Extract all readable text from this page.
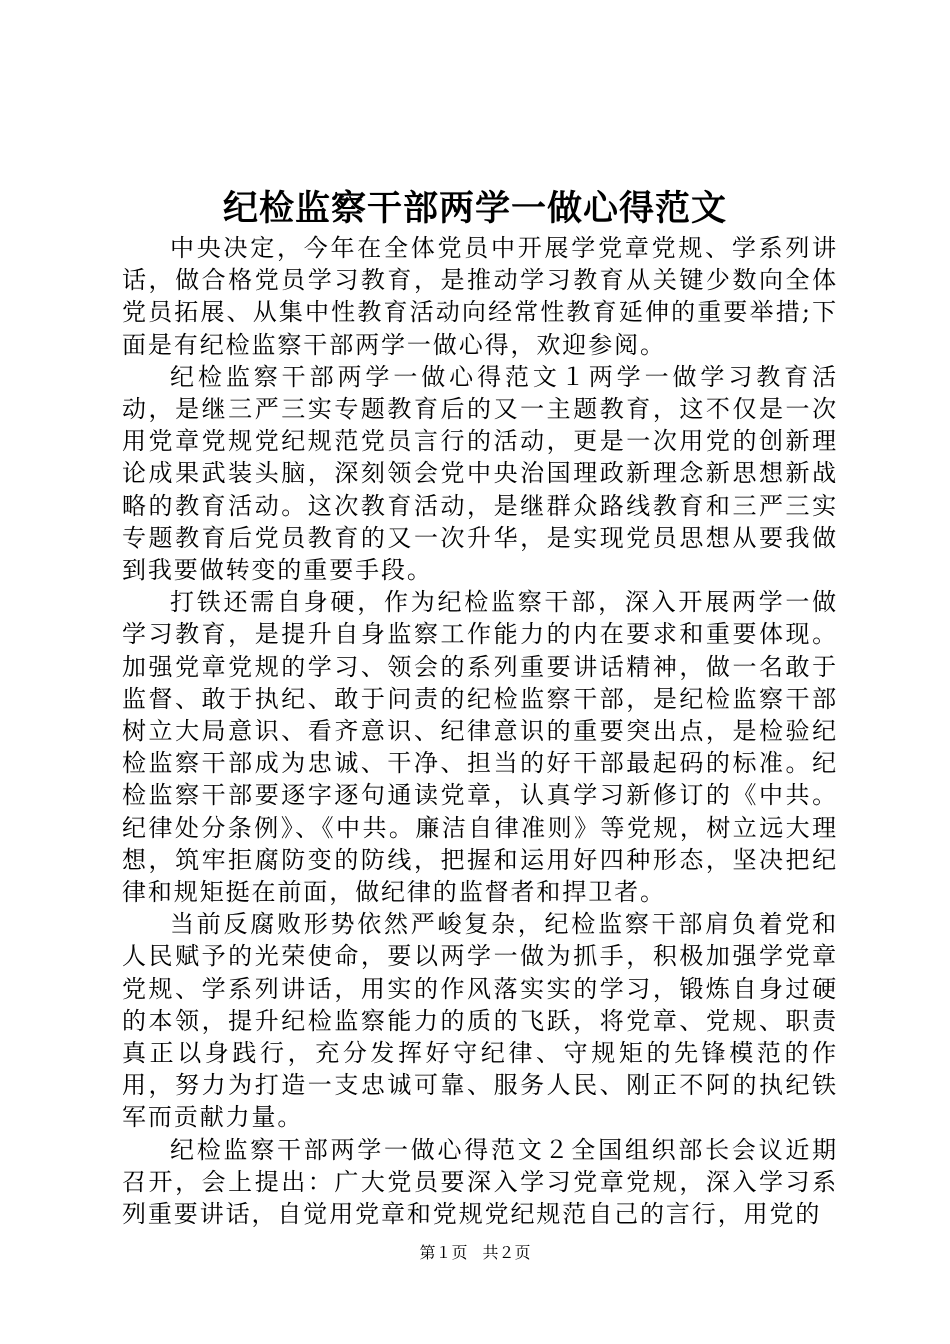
纪检监察干部两学一做心得范文

中央决定，今年在全体党员中开展学党章党规、学系列讲话，做合格党员学习教育，是推动学习教育从关键少数向全体党员拓展、从集中性教育活动向经常性教育延伸的重要举措;下面是有纪检监察干部两学一做心得，欢迎参阅。

纪检监察干部两学一做心得范文１两学一做学习教育活动，是继三严三实专题教育后的又一主题教育，这不仅是一次用党章党规党纪规范党员言行的活动，更是一次用党的创新理论成果武装头脑，深刻领会党中央治国理政新理念新思想新战略的教育活动。这次教育活动，是继群众路线教育和三严三实专题教育后党员教育的又一次升华，是实现党员思想从要我做到我要做转变的重要手段。

打铁还需自身硬，作为纪检监察干部，深入开展两学一做学习教育，是提升自身监察工作能力的内在要求和重要体现。加强党章党规的学习、领会的系列重要讲话精神，做一名敢于监督、敢于执纪、敢于问责的纪检监察干部，是纪检监察干部树立大局意识、看齐意识、纪律意识的重要突出点，是检验纪检监察干部成为忠诚、干净、担当的好干部最起码的标准。纪检监察干部要逐字逐句通读党章，认真学习新修订的《中共。纪律处分条例》、《中共。廉洁自律准则》等党规，树立远大理想，筑牢拒腐防变的防线，把握和运用好四种形态，坚决把纪律和规矩挺在前面，做纪律的监督者和捍卫者。

当前反腐败形势依然严峻复杂，纪检监察干部肩负着党和人民赋予的光荣使命，要以两学一做为抓手，积极加强学党章党规、学系列讲话，用实的作风落实实的学习，锻炼自身过硬的本领，提升纪检监察能力的质的飞跃，将党章、党规、职责真正以身践行，充分发挥好守纪律、守规矩的先锋模范的作用，努力为打造一支忠诚可靠、服务人民、刚正不阿的执纪铁军而贡献力量。

纪检监察干部两学一做心得范文２全国组织部长会议近期召开，会上提出：广大党员要深入学习党章党规，深入学习系列重要讲话，自觉用党章和党规党纪规范自己的言行，用党的

第１页 共２页
